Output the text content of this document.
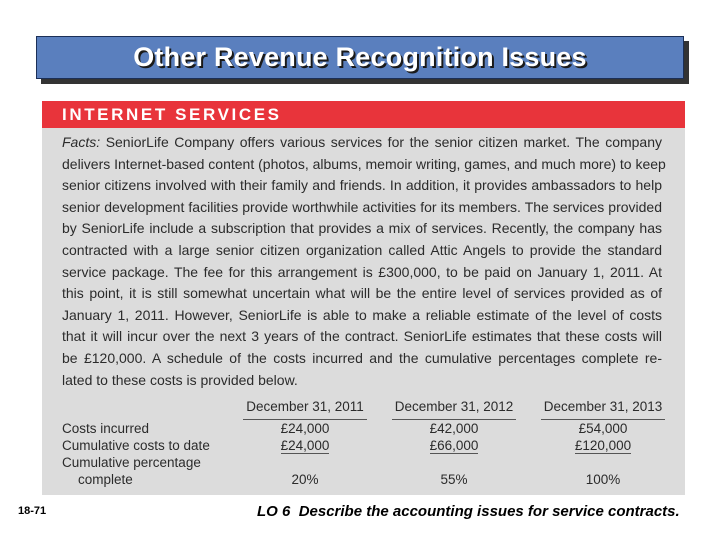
Other Revenue Recognition Issues
INTERNET SERVICES
Facts: SeniorLife Company offers various services for the senior citizen market. The company
delivers Internet-based content (photos, albums, memoir writing, games, and much more) to keep
senior citizens involved with their family and friends. In addition, it provides ambassadors to help
senior development facilities provide worthwhile activities for its members. The services provided
by SeniorLife include a subscription that provides a mix of services. Recently, the company has
contracted with a large senior citizen organization called Attic Angels to provide the standard
service package. The fee for this arrangement is £300,000, to be paid on January 1, 2011. At
this point, it is still somewhat uncertain what will be the entire level of services provided as of
January 1, 2011. However, SeniorLife is able to make a reliable estimate of the level of costs
that it will incur over the next 3 years of the contract. SeniorLife estimates that these costs will
be £120,000. A schedule of the costs incurred and the cumulative percentages complete re-
lated to these costs is provided below.
December 31, 2011 December 31, 2012 December 31, 2013
Costs incurred	£24,000	£42,000	£54,000
Cumulative costs to date	£24,000	£66,000	£120,000
Cumulative percentage
complete	20%	55%	100%
18-71	LO 6 Describe the accounting issues for service contracts.
